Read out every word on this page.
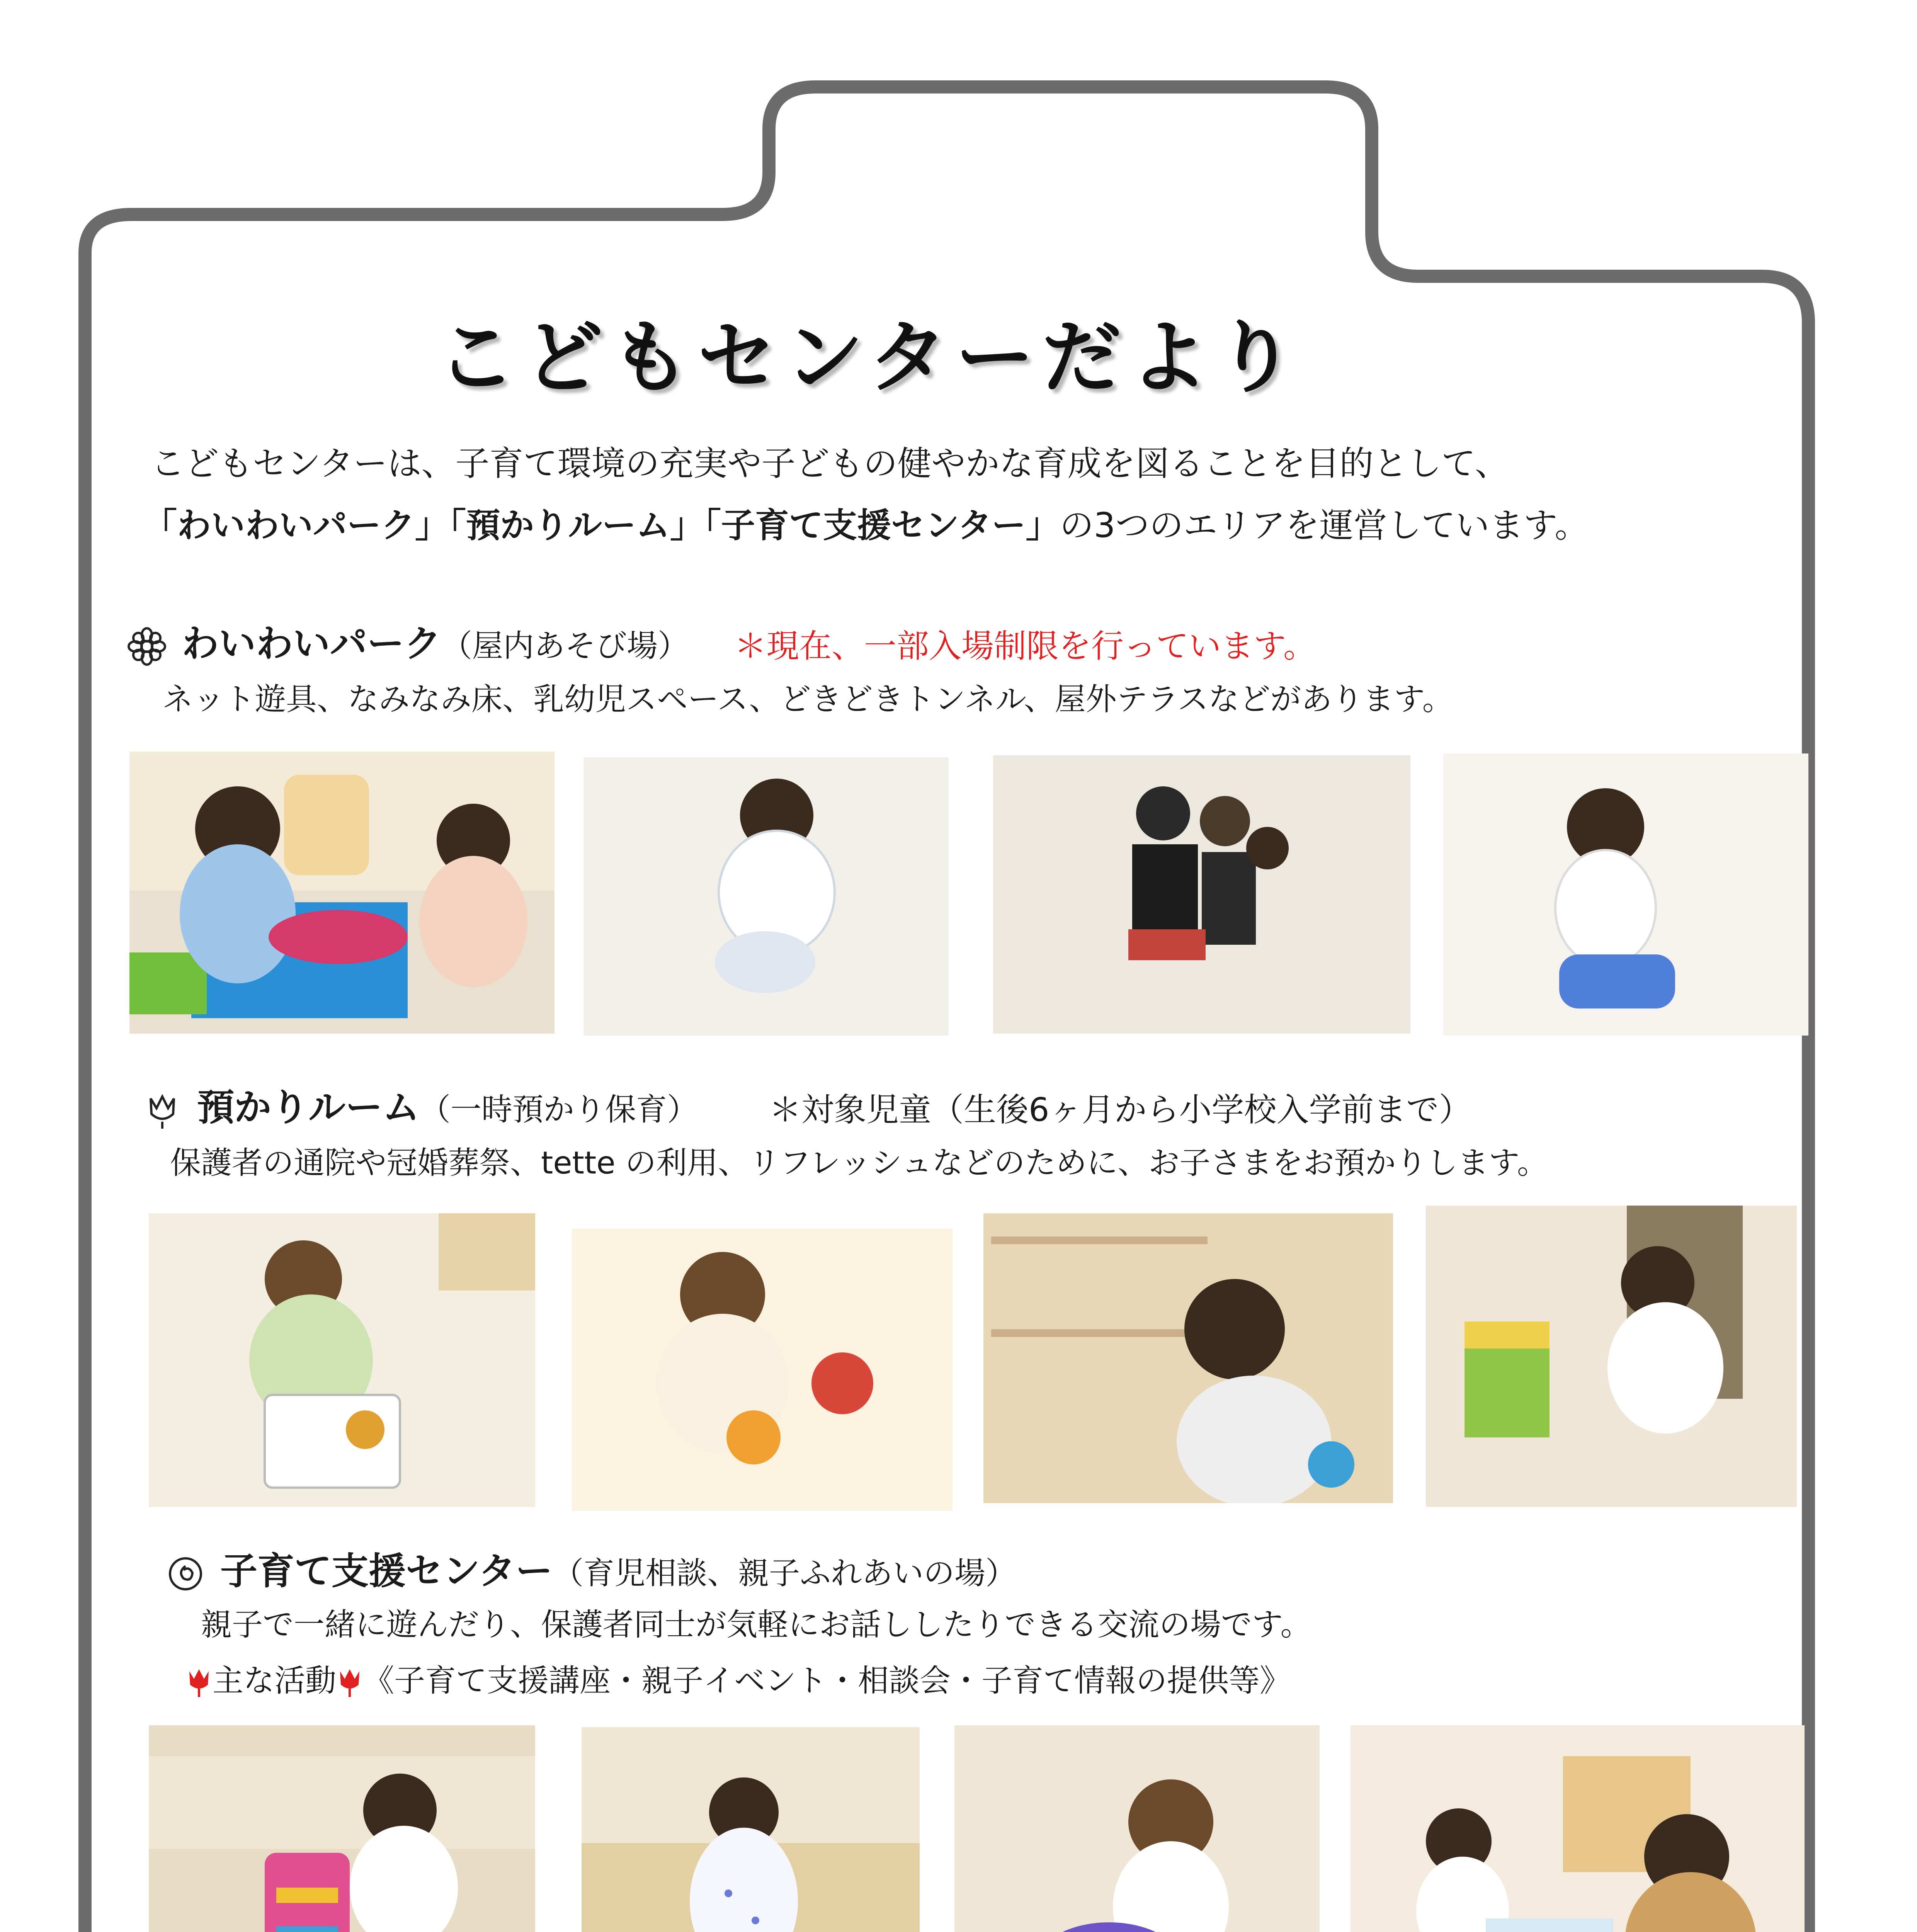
こどもセンターだより
こどもセンターは、子育て環境の充実や子どもの健やかな育成を図ることを目的として、
「わいわいパーク」「預かりルーム」「子育て支援センター」の3つのエリアを運営しています。
わいわいパーク（屋内あそび場） ＊現在、一部入場制限を行っています。
ネット遊具、なみなみ床、乳幼児スペース、どきどきトンネル、屋外テラスなどがあります。
預かりルーム（一時預かり保育） ＊対象児童（生後6ヶ月から小学校入学前まで）
保護者の通院や冠婚葬祭、tette の利用、リフレッシュなどのために、お子さまをお預かりします。
子育て支援センター（育児相談、親子ふれあいの場）
親子で一緒に遊んだり、保護者同士が気軽にお話ししたりできる交流の場です。
主な活動 《子育て支援講座・親子イベント・相談会・子育て情報の提供等》
